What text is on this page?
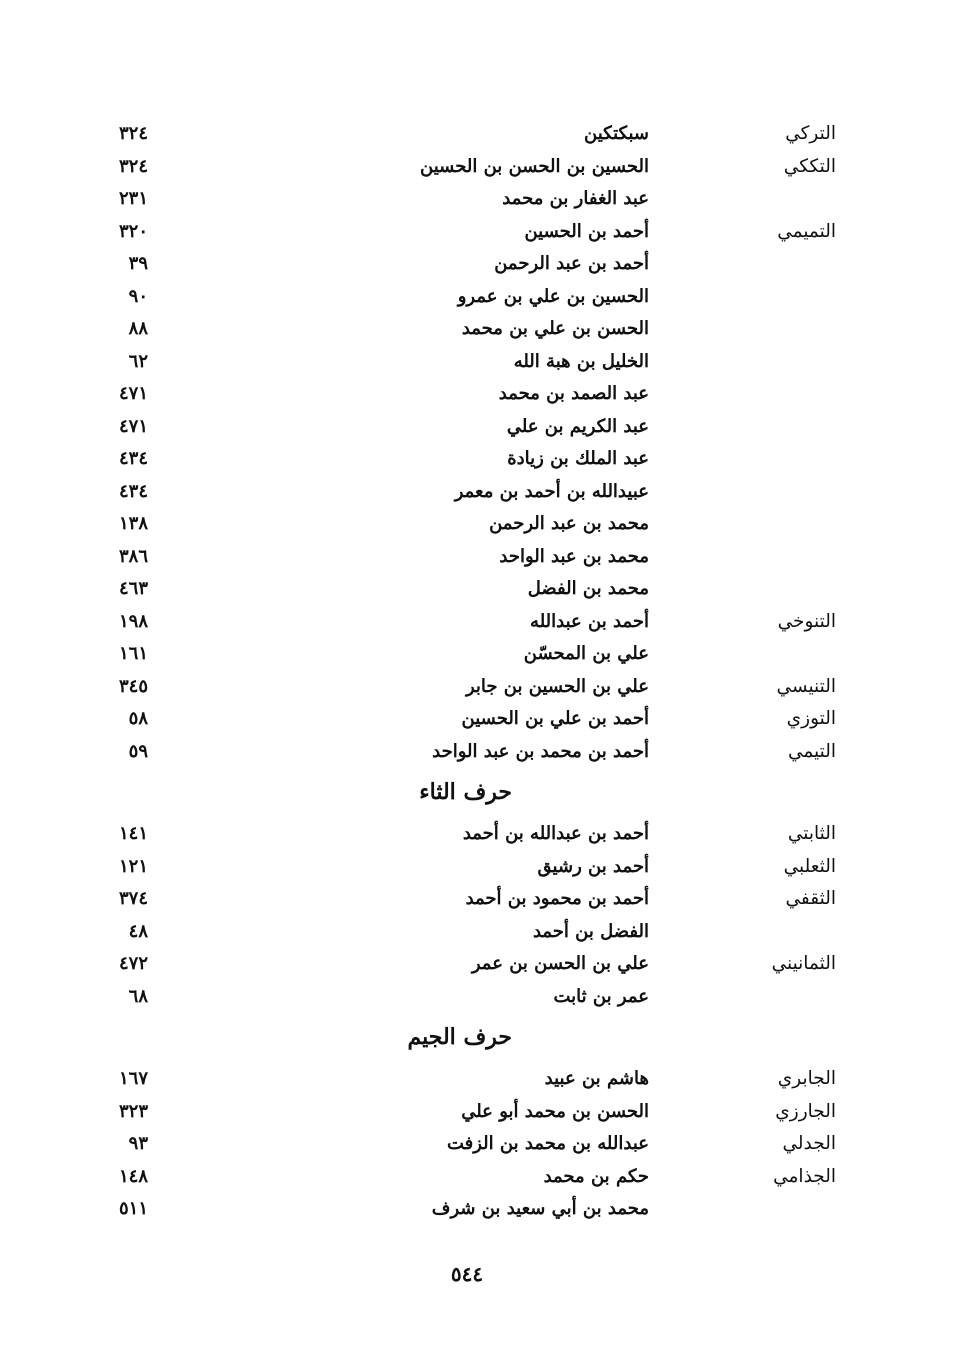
التركي
سبكتكين
٣٢٤
التككي
الحسين بن الحسن بن الحسين
٣٢٤
عبد الغفار بن محمد
٢٣١
التميمي
أحمد بن الحسين
٣٢٠
أحمد بن عبد الرحمن
٣٩
الحسين بن علي بن عمرو
٩٠
الحسن بن علي بن محمد
٨٨
الخليل بن هبة الله
٦٢
عبد الصمد بن محمد
٤٧١
عبد الكريم بن علي
٤٧١
عبد الملك بن زيادة
٤٣٤
عبيدالله بن أحمد بن معمر
٤٣٤
محمد بن عبد الرحمن
١٣٨
محمد بن عبد الواحد
٣٨٦
محمد بن الفضل
٤٦٣
التنوخي
أحمد بن عبدالله
١٩٨
علي بن المحسّن
١٦١
التنيسي
علي بن الحسين بن جابر
٣٤٥
التوزي
أحمد بن علي بن الحسين
٥٨
التيمي
أحمد بن محمد بن عبد الواحد
٥٩
حرف الثاء
الثابتي
أحمد بن عبدالله بن أحمد
١٤١
الثعلبي
أحمد بن رشيق
١٢١
الثقفي
أحمد بن محمود بن أحمد
٣٧٤
الفضل بن أحمد
٤٨
الثمانيني
علي بن الحسن بن عمر
٤٧٢
عمر بن ثابت
٦٨
حرف الجيم
الجابري
هاشم بن عبيد
١٦٧
الجارزي
الحسن بن محمد أبو علي
٣٢٣
الجدلي
عبدالله بن محمد بن الزفت
٩٣
الجذامي
حكم بن محمد
١٤٨
محمد بن أبي سعيد بن شرف
٥١١
٥٤٤
